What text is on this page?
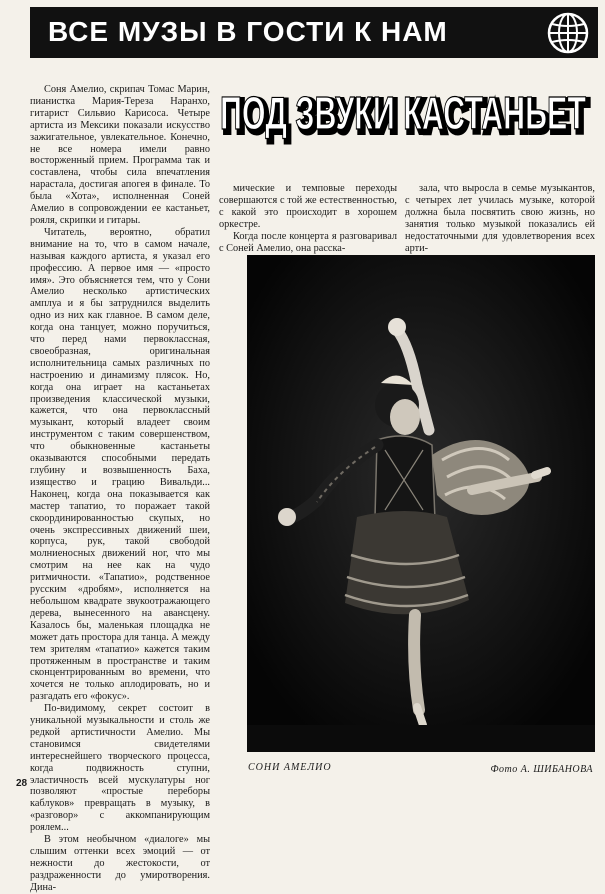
ВСЕ МУЗЫ В ГОСТИ К НАМ
ПОД ЗВУКИ КАСТАНЬЕТ
ПОД ЗВУКИ КАСТАНЬЕТ

Соня Амелио, скрипач Томас Марин, пианистка Мария-Тереза Наранхо, гитарист Сильвио Карисоса. Четыре артиста из Мексики показали искусство зажигательное, увлекательное. Конечно, не все номера имели равно восторженный прием. Программа так и составлена, чтобы сила впечатления нарастала, достигая апогея в финале. То была «Хота», исполненная Соней Амелио в сопровождении ее кастаньет, рояля, скрипки и гитары.

Читатель, вероятно, обратил внимание на то, что в самом начале, называя каждого артиста, я указал его профессию. А первое имя — «просто имя». Это объясняется тем, что у Сони Амелио несколько артистических амплуа и я бы затруднился выделить одно из них как главное. В самом деле, когда она танцует, можно поручиться, что перед нами первоклассная, своеобразная, оригинальная исполнительница самых различных по настроению и динамизму плясок. Но, когда она играет на кастаньетах произведения классической музыки, кажется, что она первоклассный музыкант, который владеет своим инструментом с таким совершенством, что обыкновенные кастаньеты оказываются способными передать глубину и возвышенность Баха, изящество и грацию Вивальди... Наконец, когда она показывается как мастер тапатио, то поражает такой скоординированностью скупых, но очень экспрессивных движений шеи, корпуса, рук, такой свободой молниеносных движений ног, что мы смотрим на нее как на чудо ритмичности. «Тапатио», родственное русским «дробям», исполняется на небольшом квадрате звукоотражающего дерева, вынесенного на авансцену. Казалось бы, маленькая площадка не может дать простора для танца. А между тем зрителям «тапатио» кажется таким протяженным в пространстве и таким сконцентрированным во времени, что хочется не только аплодировать, но и разгадать его «фокус».

По-видимому, секрет состоит в уникальной музыкальности и столь же редкой артистичности Амелио. Мы становимся свидетелями интереснейшего творческого процесса, когда подвижность ступни, эластичность всей мускулатуры ног позволяют «простые переборы каблуков» превращать в музыку, в «разговор» с аккомпанирующим роялем...

В этом необычном «диалоге» мы слышим оттенки всех эмоций — от нежности до жестокости, от раздраженности до умиротворения. Дина-

мические и темповые переходы совершаются с той же естественностью, с какой это происходит в хорошем оркестре.

Когда после концерта я разговаривал с Соней Амелио, она расска-

зала, что выросла в семье музыкантов, с четырех лет училась музыке, которой должна была посвятить свою жизнь, но занятия только музыкой показались ей недостаточными для удовлетворения всех арти-

СОНИ АМЕЛИО	Фото А. ШИБАНОВА
28
